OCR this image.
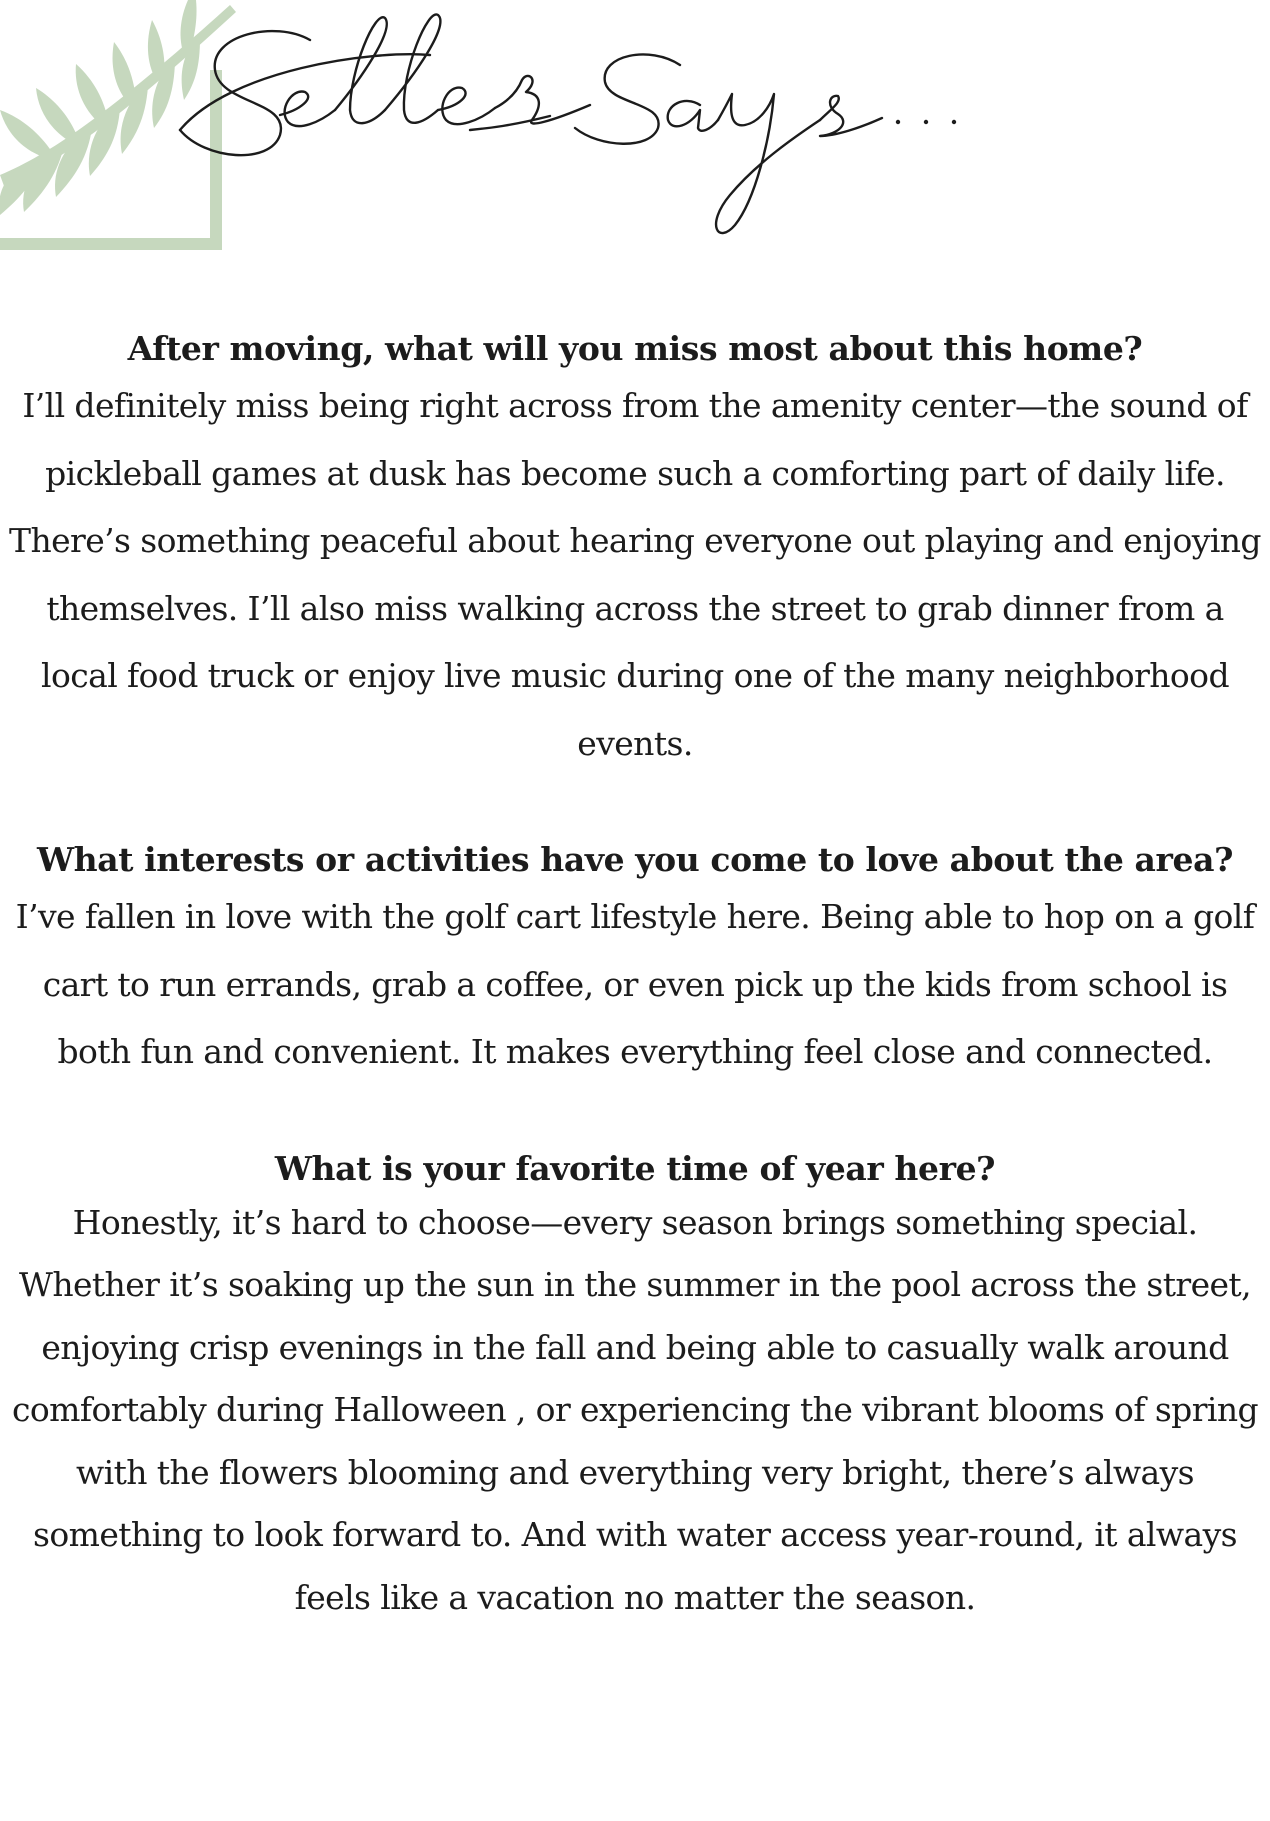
After moving, what will you miss most about this home?

I’ll definitely miss being right across from the amenity center—the sound of pickleball games at dusk has become such a comforting part of daily life. There’s something peaceful about hearing everyone out playing and enjoying themselves. I’ll also miss walking across the street to grab dinner from a local food truck or enjoy live music during one of the many neighborhood events.

What interests or activities have you come to love about the area?

I’ve fallen in love with the golf cart lifestyle here. Being able to hop on a golf cart to run errands, grab a coffee, or even pick up the kids from school is both fun and convenient. It makes everything feel close and connected.

What is your favorite time of year here?

Honestly, it’s hard to choose—every season brings something special. Whether it’s soaking up the sun in the summer in the pool across the street, enjoying crisp evenings in the fall and being able to casually walk around comfortably during Halloween , or experiencing the vibrant blooms of spring with the flowers blooming and everything very bright, there’s always something to look forward to. And with water access year-round, it always feels like a vacation no matter the season.
